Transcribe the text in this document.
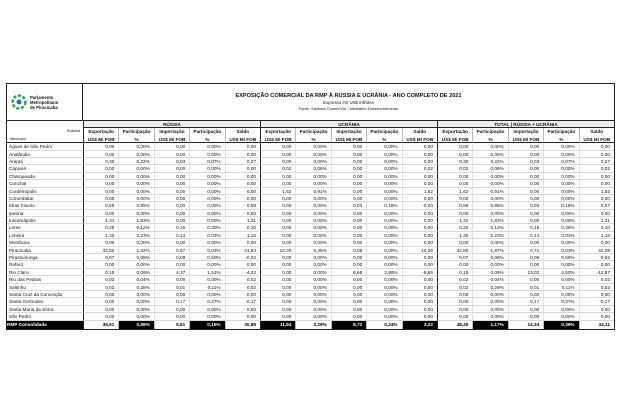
Parlamento
Metropolitano
de Piracicaba
EXPOSIÇÃO COMERCIAL DA RMP À RÚSSIA E UCRÂNIA - ANO COMPLETO DE 2021
Expresso em US$ milhões
Fonte: Sistema Comex/Vis - Ministério Desenvolvimento
RÚSSIA	UCRÂNIA	TOTAL | RÚSSIA + UCRÂNIA
Rubrica	Exportação	Participação	Importação	Participação	Saldo	Exportação	Participação	Importação	Participação	Saldo	Exportação	Participação	Importação	Participação	Saldo
Município	US$ Mi FOB	%	US$ Mi FOB	%	US$ Mi FOB	US$ Mi FOB	%	US$ Mi FOB	%	US$ Mi FOB	US$ Mi FOB	%	US$ Mi FOB	%	US$ Mi FOB
Águas de São Pedro	0,00	0,00%	0,00	0,00%	0,00	0,00	0,00%	0,00	0,00%	0,00	0,00	0,00%	0,00	0,00%	0,00
Analândia	0,00	0,00%	0,00	0,00%	0,00	0,00	0,00%	0,00	0,00%	0,00	0,00	0,00%	0,00	0,00%	0,00
Araras	0,30	0,22%	0,03	0,07%	0,27	0,00	0,00%	0,00	0,00%	0,00	0,30	0,22%	0,03	0,07%	0,27
Capivari	0,00	0,00%	0,00	0,00%	0,00	0,02	0,06%	0,00	0,00%	0,02	0,02	0,06%	0,00	0,00%	0,02
Charqueada	0,00	0,00%	0,00	0,00%	0,00	0,00	0,00%	0,00	0,00%	0,00	0,00	0,00%	0,00	0,00%	0,00
Conchal	0,00	0,00%	0,00	0,00%	0,00	0,00	0,00%	0,00	0,00%	0,00	0,00	0,00%	0,00	0,00%	0,00
Cordeirópolis	0,00	0,00%	0,00	0,00%	0,00	1,62	0,91%	0,00	0,00%	1,62	1,62	0,91%	0,00	0,00%	1,62
Corumbataí	0,00	0,00%	0,00	0,00%	0,00	0,00	0,00%	0,00	0,00%	0,00	0,00	0,00%	0,00	0,00%	0,00
Elias Fausto	0,59	0,85%	0,00	0,00%	0,59	0,00	0,00%	0,03	0,18%	-0,03	0,59	0,85%	0,03	0,18%	0,57
Ipeúna	0,00	0,00%	0,00	0,00%	0,00	0,00	0,00%	0,00	0,00%	0,00	0,00	0,00%	0,00	0,00%	0,00
Iracemápolis	1,31	1,83%	0,00	0,00%	1,31	0,00	0,00%	0,00	0,00%	0,00	1,31	1,83%	0,00	0,00%	1,31
Leme	0,25	0,12%	0,15	0,30%	0,10	0,00	0,00%	0,00	0,00%	0,00	0,25	0,12%	0,15	0,30%	0,10
Limeira	1,30	0,23%	0,14	0,03%	1,16	0,00	0,00%	0,00	0,00%	0,00	1,30	0,23%	0,14	0,03%	1,16
Mombuca	0,00	0,00%	0,00	0,00%	0,00	0,00	0,00%	0,00	0,00%	0,00	0,00	0,00%	0,00	0,00%	0,00
Piracicaba	32,50	1,42%	0,67	0,03%	31,83	10,30	0,45%	0,05	0,00%	10,26	42,80	1,87%	0,71	0,03%	42,09
Pirassununga	0,07	0,08%	0,09	0,50%	-0,02	0,00	0,00%	0,00	0,00%	0,00	0,07	0,08%	0,09	0,50%	-0,02
Rafard	0,00	0,00%	0,00	0,00%	0,00	0,00	0,00%	0,00	0,00%	0,00	0,00	0,00%	0,00	0,00%	0,00
Rio Claro	0,15	0,09%	4,37	1,51%	-4,22	0,00	0,00%	8,65	2,99%	-8,65	0,15	0,09%	13,02	4,50%	-12,87
Rio das Pedras	0,02	0,04%	0,00	0,00%	0,02	0,00	0,00%	0,00	0,00%	0,00	0,02	0,04%	0,00	0,00%	0,02
Saltinho	0,02	0,28%	0,01	0,11%	0,02	0,00	0,00%	0,00	0,00%	0,00	0,02	0,28%	0,01	0,11%	0,02
Santa Cruz da Conceição	0,00	0,00%	0,00	0,00%	0,00	0,00	0,00%	0,00	0,00%	0,00	0,00	0,00%	0,00	0,00%	0,00
Santa Gertrudes	0,00	0,00%	0,17	0,27%	-0,17	0,00	0,00%	0,00	0,00%	0,00	0,00	0,00%	0,17	0,27%	-0,17
Santa Maria da Serra	0,00	0,00%	0,00	0,00%	0,00	0,00	0,00%	0,00	0,00%	0,00	0,00	0,00%	0,00	0,00%	0,00
São Pedro	0,00	0,00%	0,00	0,00%	0,00	0,00	0,00%	0,00	0,00%	0,00	0,00	0,00%	0,00	0,00%	0,00
RMP Consolidada	36,51	0,88%	5,61	0,15%	30,89	11,94	0,29%	8,72	0,24%	3,22	48,45	1,17%	14,34	0,39%	34,11
